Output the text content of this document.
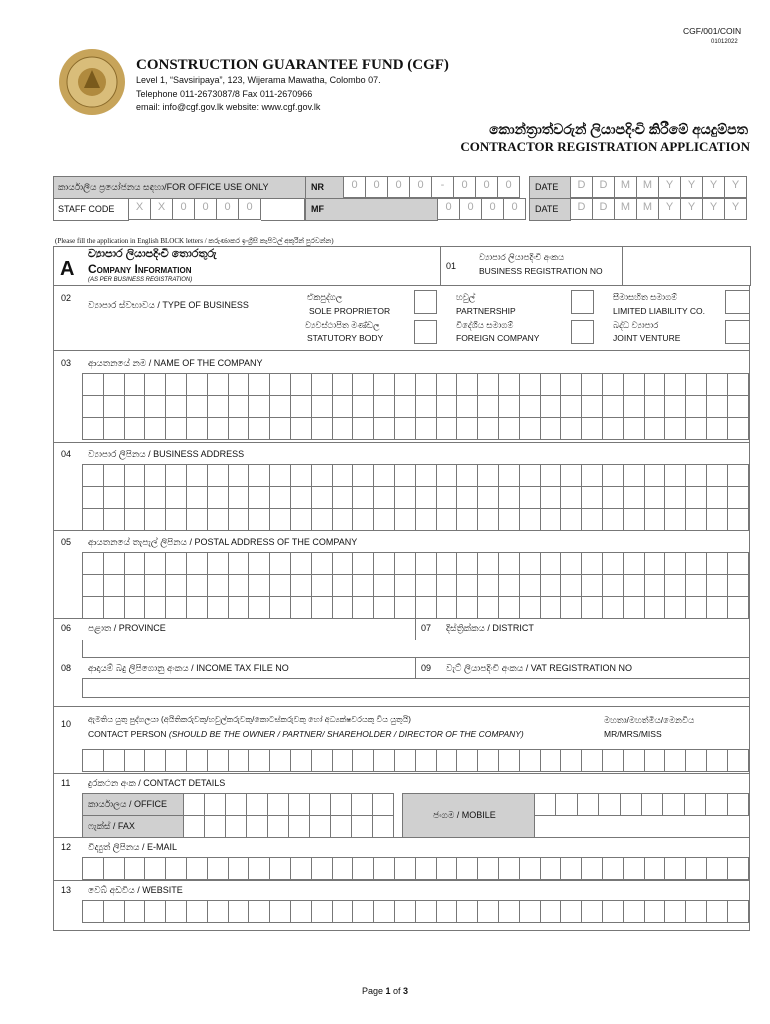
CGF/001/COIN
01012022
CONSTRUCTION GUARANTEE FUND (CGF)
Level 1, “Savsiripaya”, 123, Wijerama Mawatha, Colombo 07.
Telephone 011-2673087/8 Fax 011-2670966
email: info@cgf.gov.lk website: www.cgf.gov.lk
කොන්ත්‍රාත්වරුන් ලියාපදිංචි කිරීමේ අයදුම්පත
CONTRACTOR REGISTRATION APPLICATION
කාර්යාලීය ප්‍රයෝජනය සඳහා/FOR OFFICE USE ONLY	NR	0	0	0	0	-	0	0	0	DATE	D	D	M	M	Y	Y	Y	Y
STAFF CODE	X	X	0	0	0	0	MF	0	0	0	0	DATE	D	D	M	M	Y	Y	Y	Y
(Please fill the application in English BLOCK letters / කරුණාකර ඉංග්‍රීසි කැපිටල් අකුරින් පුරවන්න)
A
ව්‍යාපාර ලියාපදිංචි තොරතුරු
Company Information
(AS PER BUSINESS REGISTRATION)
01
ව්‍යාපාර ලියාපදිංචි අංකය
BUSINESS REGISTRATION NO
02
ව්‍යාපාර ස්වභාවය / TYPE OF BUSINESS
ඒකපුද්ගල
SOLE PROPRIETOR
ව්‍යවස්ථාපිත මණ්ඩල
STATUTORY BODY
හවුල්
PARTNERSHIP
විදේශීය සමාගම්
FOREIGN COMPANY
සීමාසහිත සමාගම්
LIMITED LIABILITY CO.
බද්ධ ව්‍යාපාර
JOINT VENTURE
03 ආයතනයේ නම / NAME OF THE COMPANY
04 ව්‍යාපාර ලිපිනය / BUSINESS ADDRESS
05 ආයතනයේ තැපැල් ලිපිනය / POSTAL ADDRESS OF THE COMPANY
06 පළාත / PROVINCE	07 දිස්ත්‍රික්කය / DISTRICT
08 ආදායම් බදු ලිපිගොනු අංකය / INCOME TAX FILE NO	09 වැට් ලියාපදිංචි අංකය / VAT REGISTRATION NO
10 ඇමතිය යුතු පුද්ගලයා (අයිතිකරුවකු/හවුල්කරුවකු/කොටස්කරුවකු හෝ අධ්‍යක්ෂවරයකු විය යුතුයි)
CONTACT PERSON (SHOULD BE THE OWNER / PARTNER/ SHAREHOLDER / DIRECTOR OF THE COMPANY)
මහතා/මහත්මිය/මෙනවිය
MR/MRS/MISS
11 දුරකථන අංක / CONTACT DETAILS
කාර්යාලය / OFFICE
ෆැක්ස් / FAX
ජංගම / MOBILE
12 විද්‍යුත් ලිපිනය / E-MAIL
13 වෙබ් අඩවිය / WEBSITE
Page 1 of 3
